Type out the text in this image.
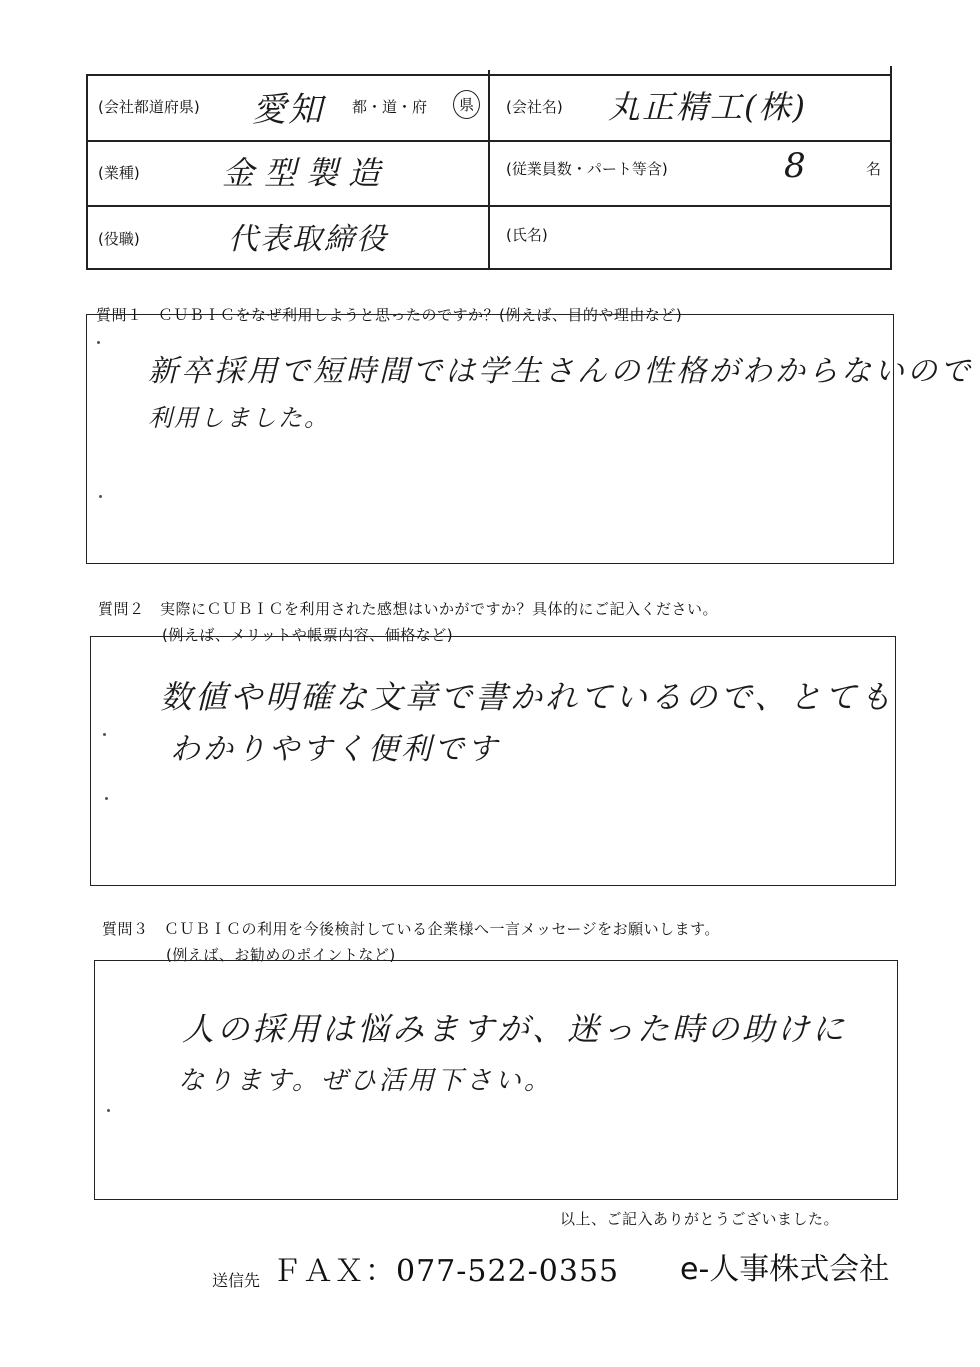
(会社都道府県) 愛知 都・道・府	県	(会社名) 丸正精工(株)
(業種)	金型製造	(従業員数・パート等含)	8	名
(役職)	代表取締役	(氏名)
質問１　ＣＵＢＩＣをなぜ利用しようと思ったのですか？(例えば、目的や理由など)
新卒採用で短時間では学生さんの性格がわからないので
利用しました。
質問２　実際にＣＵＢＩＣを利用された感想はいかがですか？具体的にご記入ください。
(例えば、メリットや帳票内容、価格など)
数値や明確な文章で書かれているので、とても
わかりやすく便利です
質問３　ＣＵＢＩＣの利用を今後検討している企業様へ一言メッセージをお願いします。
(例えば、お勧めのポイントなど)
人の採用は悩みますが、迷った時の助けに
なります。ぜひ活用下さい。
以上、ご記入ありがとうございました。
送信先 ＦＡＸ：077-522-0355 e-人事株式会社
